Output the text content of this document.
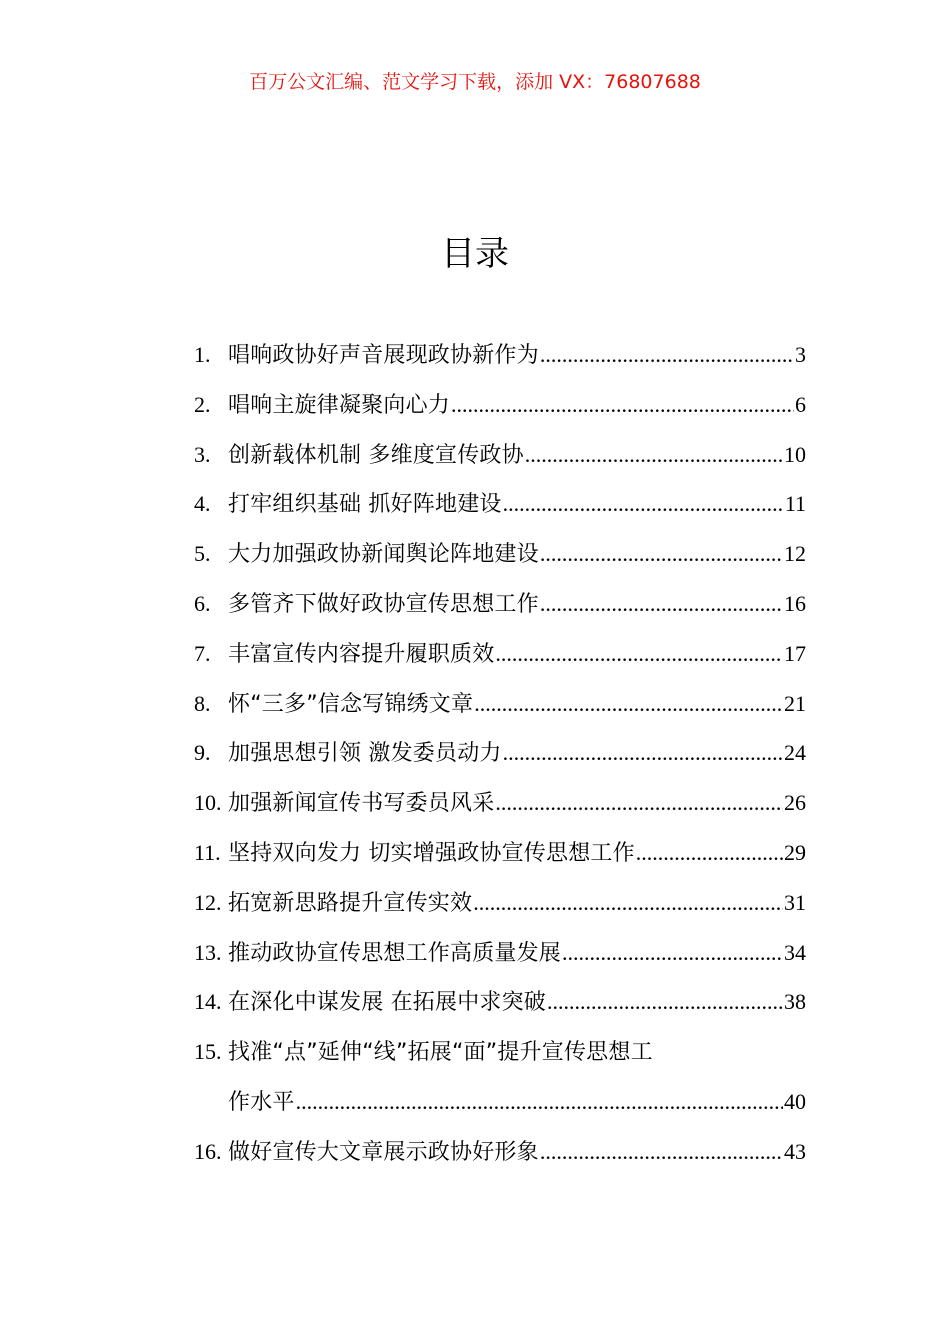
百万公文汇编、范文学习下载，添加 VX：76807688
目录
1. 唱响政协好声音展现政协新作为 .....	3
2. 唱响主旋律凝聚向心力 .....	6
3. 创新载体机制 多维度宣传政协 .....	10
4. 打牢组织基础 抓好阵地建设 .....	11
5. 大力加强政协新闻舆论阵地建设 .....	12
6. 多管齐下做好政协宣传思想工作 .....	16
7. 丰富宣传内容提升履职质效 .....	17
8. 怀“三多”信念写锦绣文章 .....	21
9. 加强思想引领 激发委员动力 .....	24
10. 加强新闻宣传书写委员风采 .....	26
11. 坚持双向发力 切实增强政协宣传思想工作 .....	29
12. 拓宽新思路提升宣传实效 .....	31
13. 推动政协宣传思想工作高质量发展 .....	34
14. 在深化中谋发展 在拓展中求突破 .....	38
15. 找准“点”延伸“线”拓展“面”提升宣传思想工
作水平 .....	40
16. 做好宣传大文章展示政协好形象 .....	43
